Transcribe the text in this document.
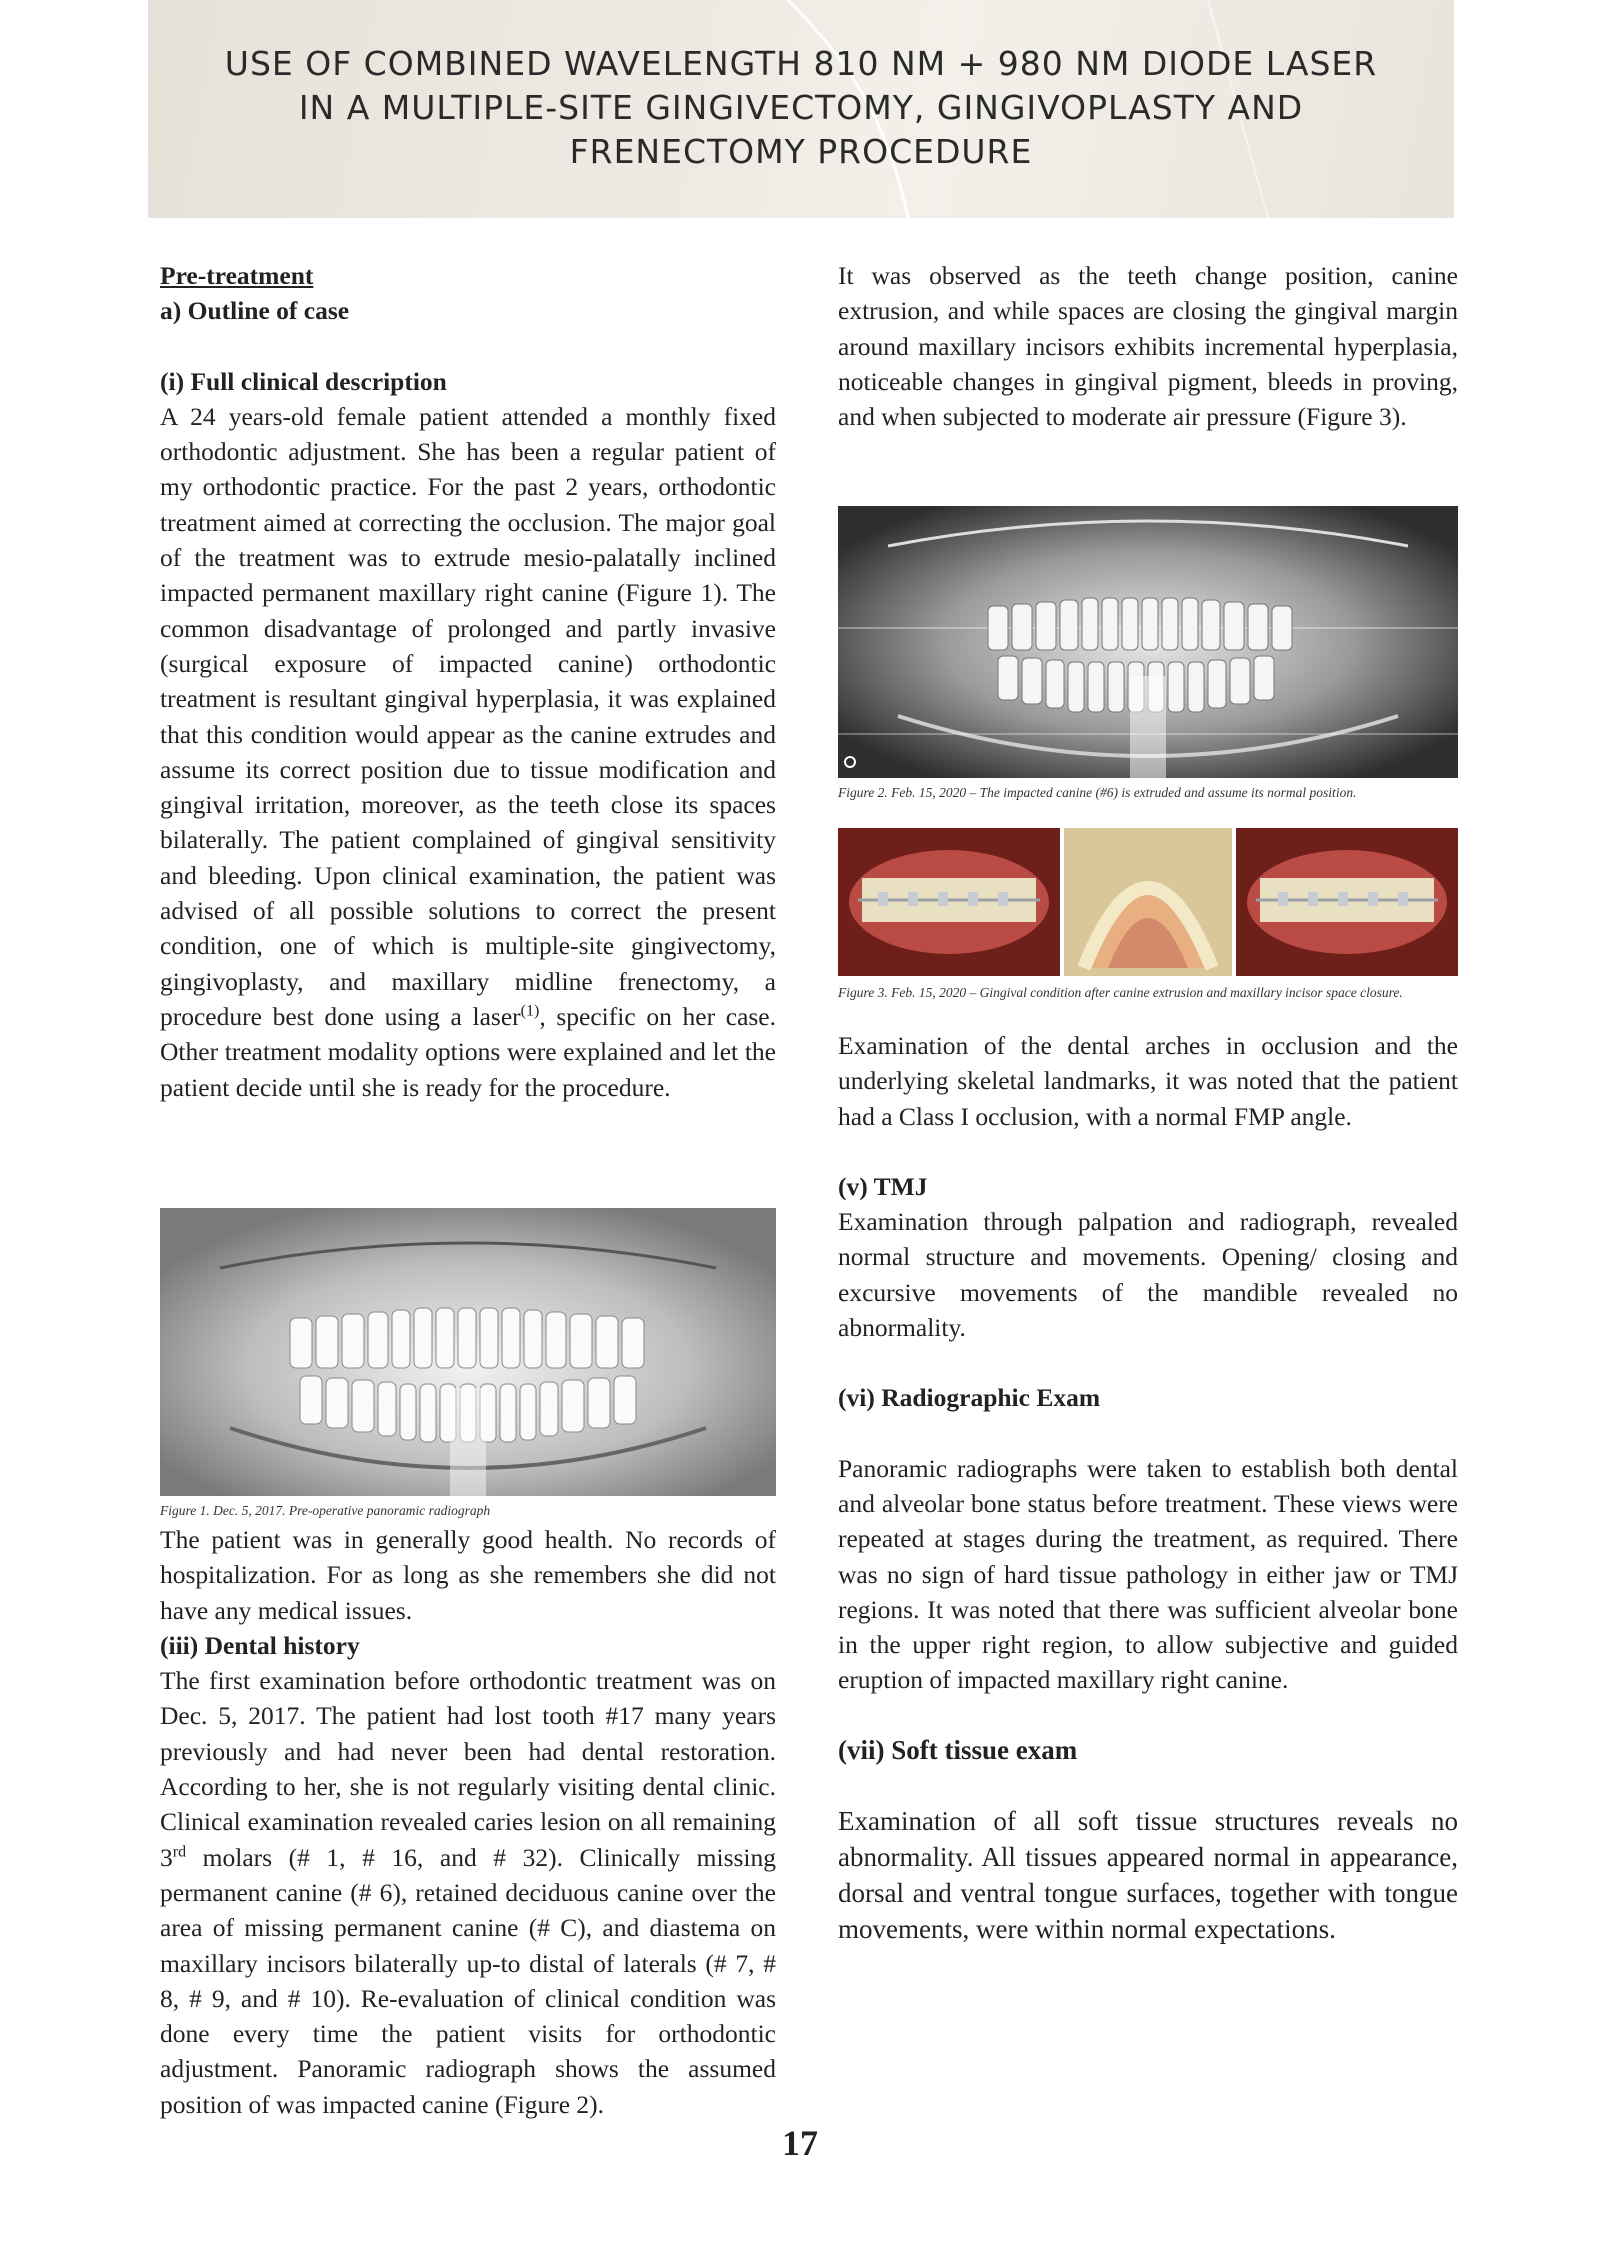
USE OF COMBINED WAVELENGTH 810 NM + 980 NM DIODE LASER
IN A MULTIPLE-SITE GINGIVECTOMY, GINGIVOPLASTY AND
FRENECTOMY PROCEDURE
Pre-treatment
a) Outline of case
(i) Full clinical description
A 24 years-old female patient attended a monthly fixed orthodontic adjustment. She has been a regular patient of my orthodontic practice. For the past 2 years, orthodontic treatment aimed at correcting the occlusion. The major goal of the treatment was to extrude mesio-palatally inclined impacted permanent maxillary right canine (Figure 1). The common disadvantage of prolonged and partly invasive (surgical exposure of impacted canine) orthodontic treatment is resultant gingival hyperplasia, it was explained that this condition would appear as the canine extrudes and assume its correct position due to tissue modification and gingival irritation, moreover, as the teeth close its spaces bilaterally. The patient complained of gingival sensitivity and bleeding. Upon clinical examination, the patient was advised of all possible solutions to correct the present condition, one of which is multiple-site gingivectomy, gingivoplasty, and maxillary midline frenectomy, a procedure best done using a laser$^{(1)}$, specific on her case. Other treatment modality options were explained and let the patient decide until she is ready for the procedure.
Figure 1. Dec. 5, 2017. Pre-operative panoramic radiograph
The patient was in generally good health. No records of hospitalization. For as long as she remembers she did not have any medical issues.
(iii) Dental history
The first examination before orthodontic treatment was on Dec. 5, 2017. The patient had lost tooth #17 many years previously and had never been had dental restoration. According to her, she is not regularly visiting dental clinic. Clinical examination revealed caries lesion on all remaining 3rd molars (# 1, # 16, and # 32). Clinically missing permanent canine (# 6), retained deciduous canine over the area of missing permanent canine (# C), and diastema on maxillary incisors bilaterally up-to distal of laterals (# 7, # 8, # 9, and # 10). Re-evaluation of clinical condition was done every time the patient visits for orthodontic adjustment. Panoramic radiograph shows the assumed position of was impacted canine (Figure 2).
It was observed as the teeth change position, canine extrusion, and while spaces are closing the gingival margin around maxillary incisors exhibits incremental hyperplasia, noticeable changes in gingival pigment, bleeds in proving, and when subjected to moderate air pressure (Figure 3).
Figure 2. Feb. 15, 2020 – The impacted canine (#6) is extruded and assume its normal position.
Figure 3. Feb. 15, 2020 – Gingival condition after canine extrusion and maxillary incisor space closure.
Examination of the dental arches in occlusion and the underlying skeletal landmarks, it was noted that the patient had a Class I occlusion, with a normal FMP angle.
(v) TMJ
Examination through palpation and radiograph, revealed normal structure and movements. Opening/ closing and excursive movements of the mandible revealed no abnormality.
(vi) Radiographic Exam
Panoramic radiographs were taken to establish both dental and alveolar bone status before treatment. These views were repeated at stages during the treatment, as required. There was no sign of hard tissue pathology in either jaw or TMJ regions. It was noted that there was sufficient alveolar bone in the upper right region, to allow subjective and guided eruption of impacted maxillary right canine.
(vii) Soft tissue exam
Examination of all soft tissue structures reveals no abnormality. All tissues appeared normal in appearance, dorsal and ventral tongue surfaces, together with tongue movements, were within normal expectations.
17
